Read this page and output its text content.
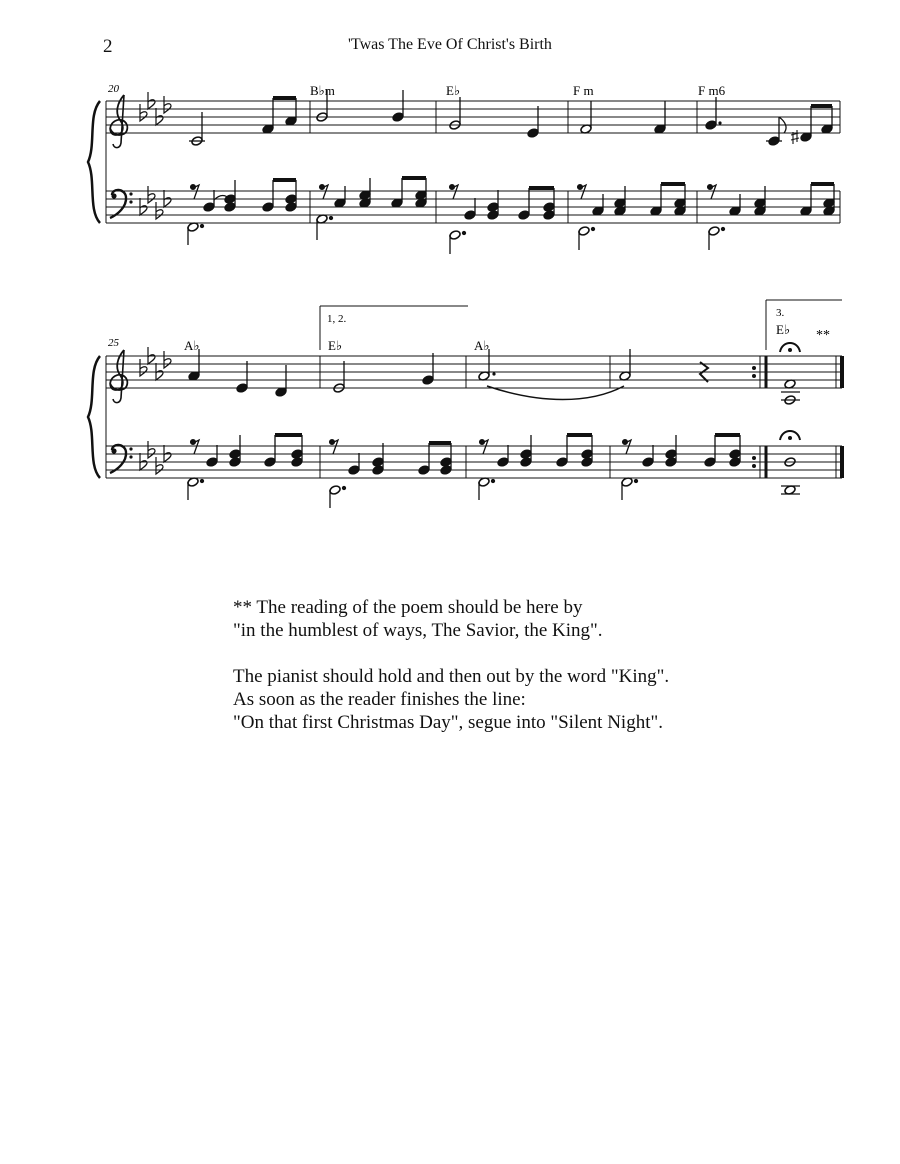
2	'Twas The Eve Of Christ's Birth
20	B♭m	E♭	F m	F m6
25	A♭	E♭	A♭
E♭
1, 2.	3.
**

** The reading of the poem should be here by

"in the humblest of ways, The Savior, the King".

The pianist should hold and then out by the word "King".

As soon as the reader finishes the line:

"On that first Christmas Day", segue into "Silent Night".
